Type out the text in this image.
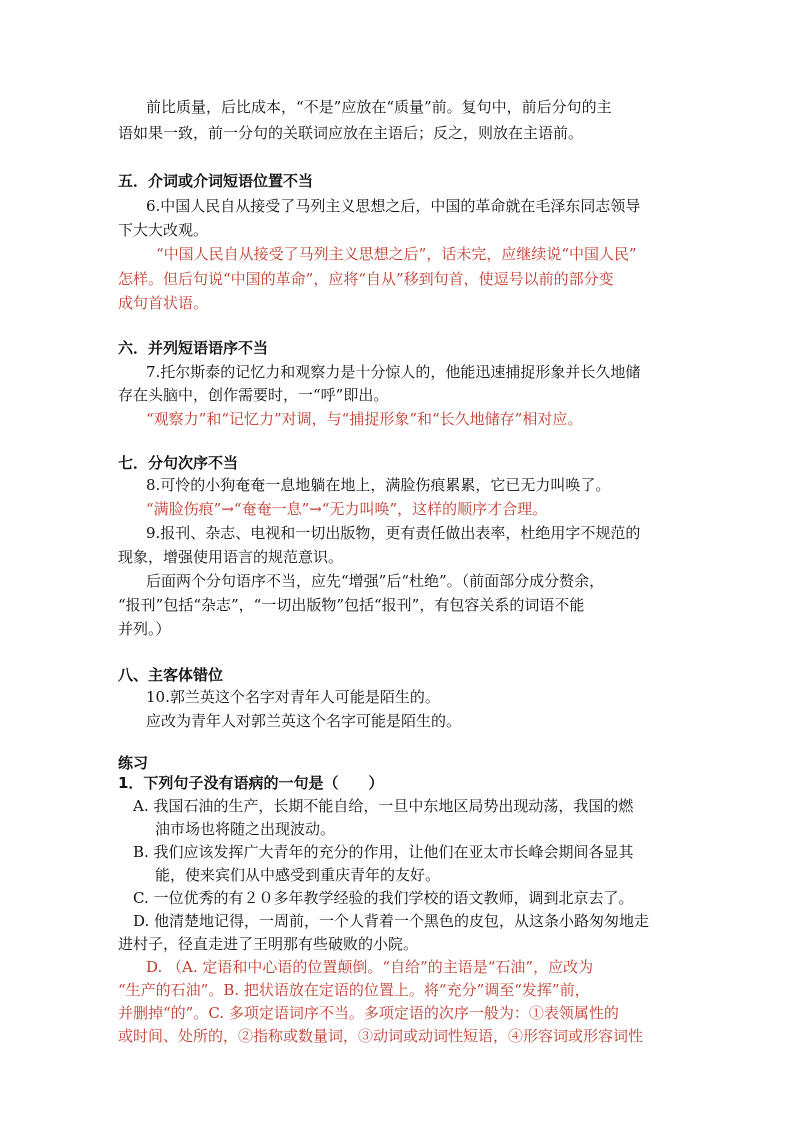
前比质量，后比成本，“不是”应放在“质量”前。复句中，前后分句的主
语如果一致，前一分句的关联词应放在主语后；反之，则放在主语前。
五．介词或介词短语位置不当
6.中国人民自从接受了马列主义思想之后，中国的革命就在毛泽东同志领导
下大大改观。
“中国人民自从接受了马列主义思想之后”，话未完，应继续说“中国人民”
怎样。但后句说“中国的革命”，应将“自从”移到句首，使逗号以前的部分变
成句首状语。
六．并列短语语序不当
7.托尔斯泰的记忆力和观察力是十分惊人的，他能迅速捕捉形象并长久地储
存在头脑中，创作需要时，一“呼”即出。
“观察力”和“记忆力”对调，与“捕捉形象”和“长久地储存”相对应。
七．分句次序不当
8.可怜的小狗奄奄一息地躺在地上，满脸伤痕累累，它已无力叫唤了。
“满脸伤痕”→“奄奄一息”→“无力叫唤”，这样的顺序才合理。
9.报刊、杂志、电视和一切出版物，更有责任做出表率，杜绝用字不规范的
现象，增强使用语言的规范意识。
后面两个分句语序不当，应先“增强”后“杜绝”。（前面部分成分赘余，
“报刊”包括“杂志”，“一切出版物”包括“报刊”，有包容关系的词语不能
并列。）
八、主客体错位
10.郭兰英这个名字对青年人可能是陌生的。
应改为青年人对郭兰英这个名字可能是陌生的。
练习
1．下列句子没有语病的一句是（　　）
A. 我国石油的生产，长期不能自给，一旦中东地区局势出现动荡，我国的燃
油市场也将随之出现波动。
B. 我们应该发挥广大青年的充分的作用，让他们在亚太市长峰会期间各显其
能，使来宾们从中感受到重庆青年的友好。
C. 一位优秀的有２０多年教学经验的我们学校的语文教师，调到北京去了。
D. 他清楚地记得，一周前，一个人背着一个黑色的皮包，从这条小路匆匆地走
进村子，径直走进了王明那有些破败的小院。
D. （A. 定语和中心语的位置颠倒。“自给”的主语是“石油”，应改为
“生产的石油”。B. 把状语放在定语的位置上。将“充分”调至“发挥”前，
并删掉“的”。C. 多项定语词序不当。多项定语的次序一般为：①表领属性的
或时间、处所的，②指称或数量词，③动词或动词性短语，④形容词或形容词性
